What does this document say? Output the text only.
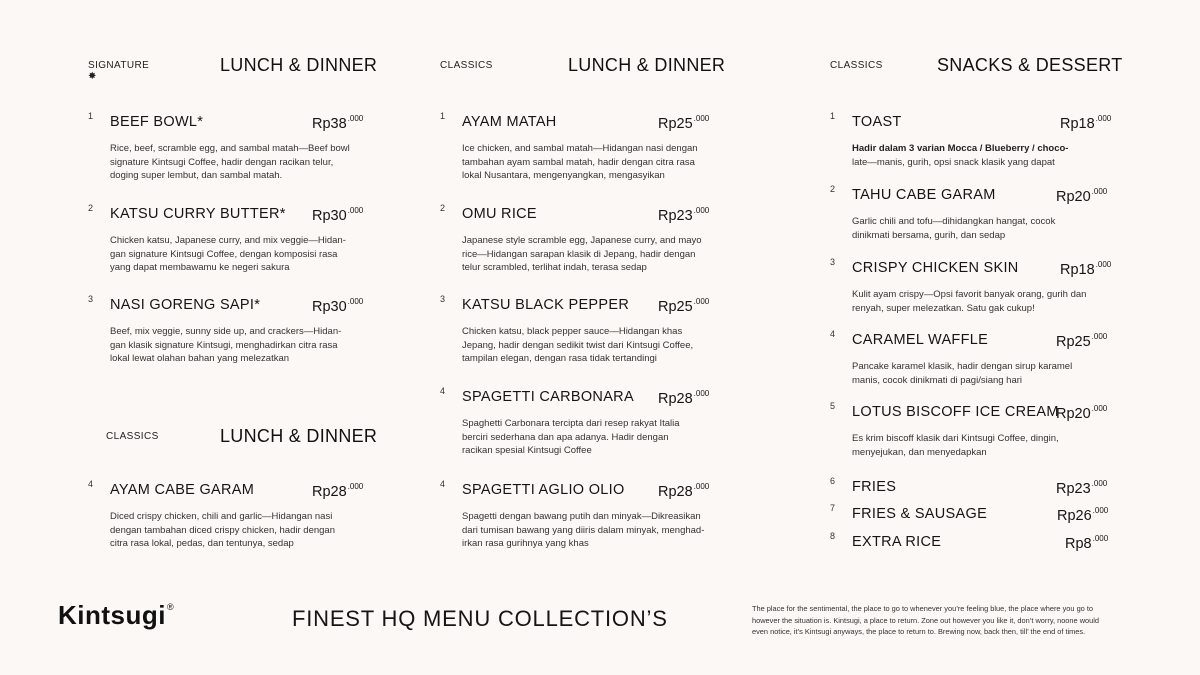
SIGNATURE ✸
LUNCH & DINNER
1 BEEF BOWL*	$Rp38^{.000}$
Rice, beef, scramble egg, and sambal matah—Beef bowl
signature Kintsugi Coffee, hadir dengan racikan telur,
doging super lembut, dan sambal matah.
2 KATSU CURRY BUTTER* $Rp30^{.000}$
Chicken katsu, Japanese curry, and mix veggie—Hidan-
gan signature Kintsugi Coffee, dengan komposisi rasa
yang dapat membawamu ke negeri sakura
3 NASI GORENG SAPI*	$Rp30^{.000}$
Beef, mix veggie, sunny side up, and crackers—Hidan-
gan klasik signature Kintsugi, menghadirkan citra rasa
lokal lewat olahan bahan yang melezatkan
CLASSICS	LUNCH & DINNER
4 AYAM CABE GARAM	$Rp28^{.000}$
Diced crispy chicken, chili and garlic—Hidangan nasi
dengan tambahan diced crispy chicken, hadir dengan
citra rasa lokal, pedas, dan tentunya, sedap
CLASSICS	LUNCH & DINNER
1 AYAM MATAH	$Rp25^{.000}$
Ice chicken, and sambal matah—Hidangan nasi dengan
tambahan ayam sambal matah, hadir dengan citra rasa
lokal Nusantara, mengenyangkan, mengasyikan
2 OMU RICE	$Rp23^{.000}$
Japanese style scramble egg, Japanese curry, and mayo
rice—Hidangan sarapan klasik di Jepang, hadir dengan
telur scrambled, terlihat indah, terasa sedap
3 KATSU BLACK PEPPER $Rp25^{.000}$
Chicken katsu, black pepper sauce—Hidangan khas
Jepang, hadir dengan sedikit twist dari Kintsugi Coffee,
tampilan elegan, dengan rasa tidak tertandingi
4 SPAGETTI CARBONARA $Rp28^{.000}$
Spaghetti Carbonara tercipta dari resep rakyat Italia
berciri sederhana dan apa adanya. Hadir dengan
racikan spesial Kintsugi Coffee
4 SPAGETTI AGLIO OLIO $Rp28^{.000}$
Spagetti dengan bawang putih dan minyak—Dikreasikan
dari tumisan bawang yang diiris dalam minyak, menghad-
irkan rasa gurihnya yang khas
CLASSICS	SNACKS & DESSERT
1 TOAST	$Rp18^{.000}$
Hadir dalam 3 varian Mocca / Blueberry / choco-
late—manis, gurih, opsi snack klasik yang dapat
2 TAHU CABE GARAM	$Rp20^{.000}$
Garlic chili and tofu—dihidangkan hangat, cocok
dinikmati bersama, gurih, dan sedap
3 CRISPY CHICKEN SKIN	$Rp18^{.000}$
Kulit ayam crispy—Opsi favorit banyak orang, gurih dan
renyah, super melezatkan. Satu gak cukup!
4 CARAMEL WAFFLE	$Rp25^{.000}$
Pancake karamel klasik, hadir dengan sirup karamel
manis, cocok dinikmati di pagi/siang hari
5 LOTUS BISCOFF ICE CREAM
$Rp20^{.000}$
Es krim biscoff klasik dari Kintsugi Coffee, dingin,
menyejukan, dan menyedapkan
6 FRIES	$Rp23^{.000}$
7 FRIES & SAUSAGE	$Rp26^{.000}$
8 EXTRA RICE	$Rp8^{.000}$
Kintsugi®	FINEST HQ MENU COLLECTION’S	The place for the sentimental, the place to go to whenever you’re feeling blue, the place where you go to
however the situation is. Kintsugi, a place to return. Zone out however you like it, don’t worry, noone would
even notice, it’s Kintsugi anyways, the place to return to. Brewing now, back then, till’ the end of times.
